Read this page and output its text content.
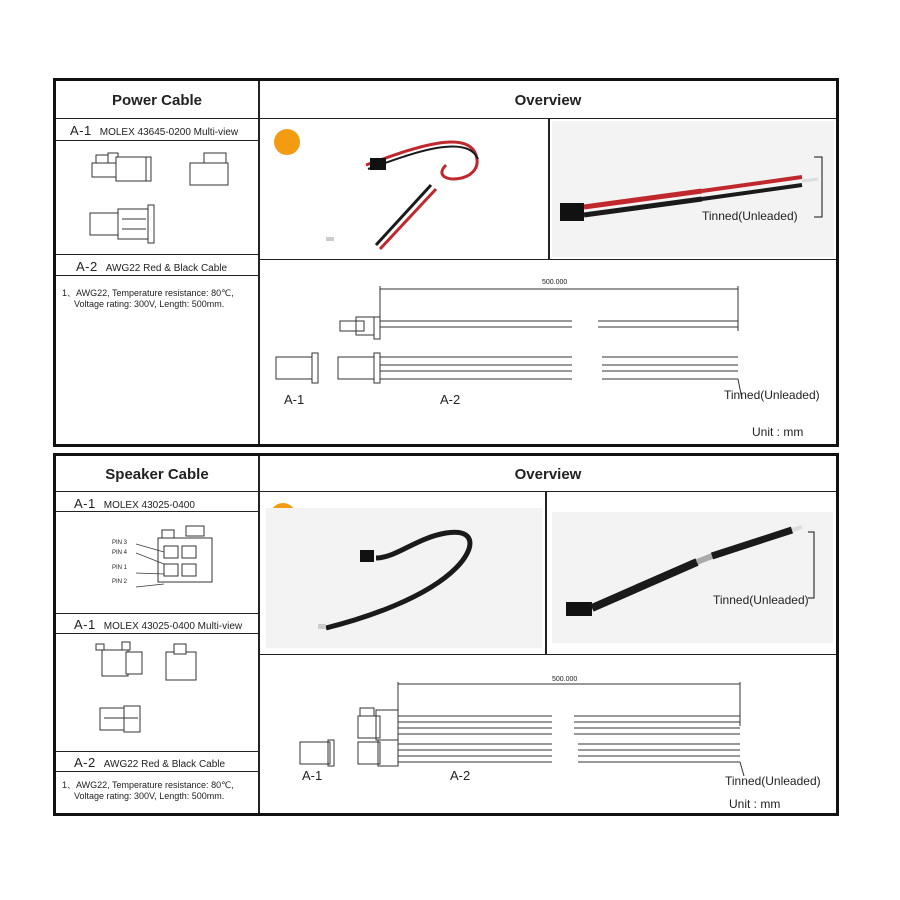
Power Cable	Overview
A-1 MOLEX 43645-0200 Multi-view
A-2 AWG22 Red & Black Cable
1、AWG22, Temperature resistance: 80℃,
Voltage rating: 300V, Length: 500mm.
Tinned(Unleaded)
500.000
A-1	A-2	Tinned(Unleaded)
Unit : mm
Speaker Cable	Overview
A-1 MOLEX 43025-0400
PIN 3
PIN 4
PIN 1
PIN 2
A-1 MOLEX 43025-0400 Multi-view
A-2 AWG22 Red & Black Cable
1、AWG22, Temperature resistance: 80℃,
Voltage rating: 300V, Length: 500mm.
Tinned(Unleaded)
500.000
A-1	A-2	Tinned(Unleaded)
Unit : mm
